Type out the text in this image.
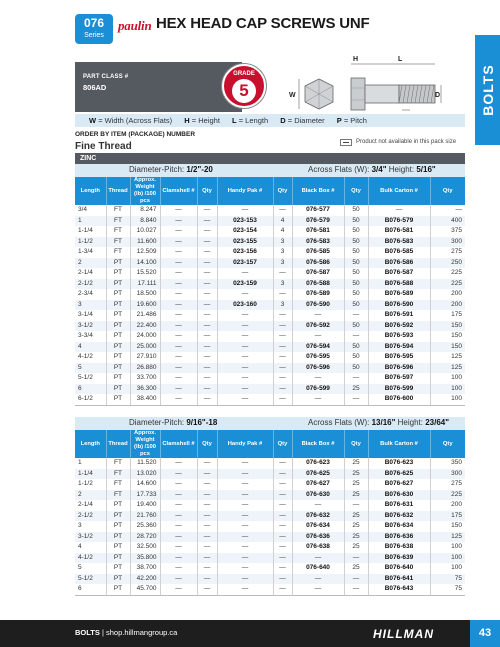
076
Series
paulin HEX HEAD CAP SCREWS UNF
PART CLASS #
806AD
GRADE
5	W
H	L
D	BOLTS
W = Width (Across Flats) H = Height L = Length D = Diameter P = Pitch
ORDER BY ITEM (PACKAGE) NUMBER
Fine Thread	Product not available in this pack size
ZINC
Diameter-Pitch: 1/2"-20	Across Flats (W): 3/4" Height: 5/16"
Length	Thread	Approx. Weight (lb) /100 pcs	Clamshell #	Qty	Handy Pak #	Qty	Black Box #	Qty	Bulk Carton #	Qty
3/4	FT	8.247	—	—	—	—	076-577	50	—	—
1	FT	8.840	—	—	023-153	4	076-579	50	B076-579	400
1-1/4	FT	10.027	—	—	023-154	4	076-581	50	B076-581	375
1-1/2	FT	11.600	—	—	023-155	3	076-583	50	B076-583	300
1-3/4	FT	12.509	—	—	023-156	3	076-585	50	B076-585	275
2	PT	14.100	—	—	023-157	3	076-586	50	B076-586	250
2-1/4	PT	15.520	—	—	—	—	076-587	50	B076-587	225
2-1/2	PT	17.111	—	—	023-159	3	076-588	50	B076-588	225
2-3/4	PT	18.500	—	—	—	—	076-589	50	B076-589	200
3	PT	19.600	—	—	023-160	3	076-590	50	B076-590	200
3-1/4	PT	21.486	—	—	—	—	—	—	B076-591	175
3-1/2	PT	22.400	—	—	—	—	076-592	50	B076-592	150
3-3/4	PT	24.000	—	—	—	—	—	—	B076-593	150
4	PT	25.000	—	—	—	—	076-594	50	B076-594	150
4-1/2	PT	27.910	—	—	—	—	076-595	50	B076-595	125
5	PT	26.880	—	—	—	—	076-596	50	B076-596	125
5-1/2	PT	33.700	—	—	—	—	—	—	B076-597	100
6	PT	36.300	—	—	—	—	076-599	25	B076-599	100
6-1/2	PT	38.400	—	—	—	—	—	—	B076-600	100
Diameter-Pitch: 9/16"-18	Across Flats (W): 13/16" Height: 23/64"
Length	Thread	Approx. Weight (lb) /100 pcs	Clamshell #	Qty	Handy Pak #	Qty	Black Box #	Qty	Bulk Carton #	Qty
1	FT	11.520	—	—	—	—	076-623	25	B076-623	350
1-1/4	FT	13.020	—	—	—	—	076-625	25	B076-625	300
1-1/2	FT	14.600	—	—	—	—	076-627	25	B076-627	275
2	FT	17.733	—	—	—	—	076-630	25	B076-630	225
2-1/4	PT	19.400	—	—	—	—	—	—	B076-631	200
2-1/2	PT	21.760	—	—	—	—	076-632	25	B076-632	175
3	PT	25.360	—	—	—	—	076-634	25	B076-634	150
3-1/2	PT	28.720	—	—	—	—	076-636	25	B076-636	125
4	PT	32.500	—	—	—	—	076-638	25	B076-638	100
4-1/2	PT	35.800	—	—	—	—	—	—	B076-639	100
5	PT	38.700	—	—	—	—	076-640	25	B076-640	100
5-1/2	PT	42.200	—	—	—	—	—	—	B076-641	75
6	PT	45.700	—	—	—	—	—	—	B076-643	75
BOLTS | shop.hillmangroup.ca	HILLMAN	43
